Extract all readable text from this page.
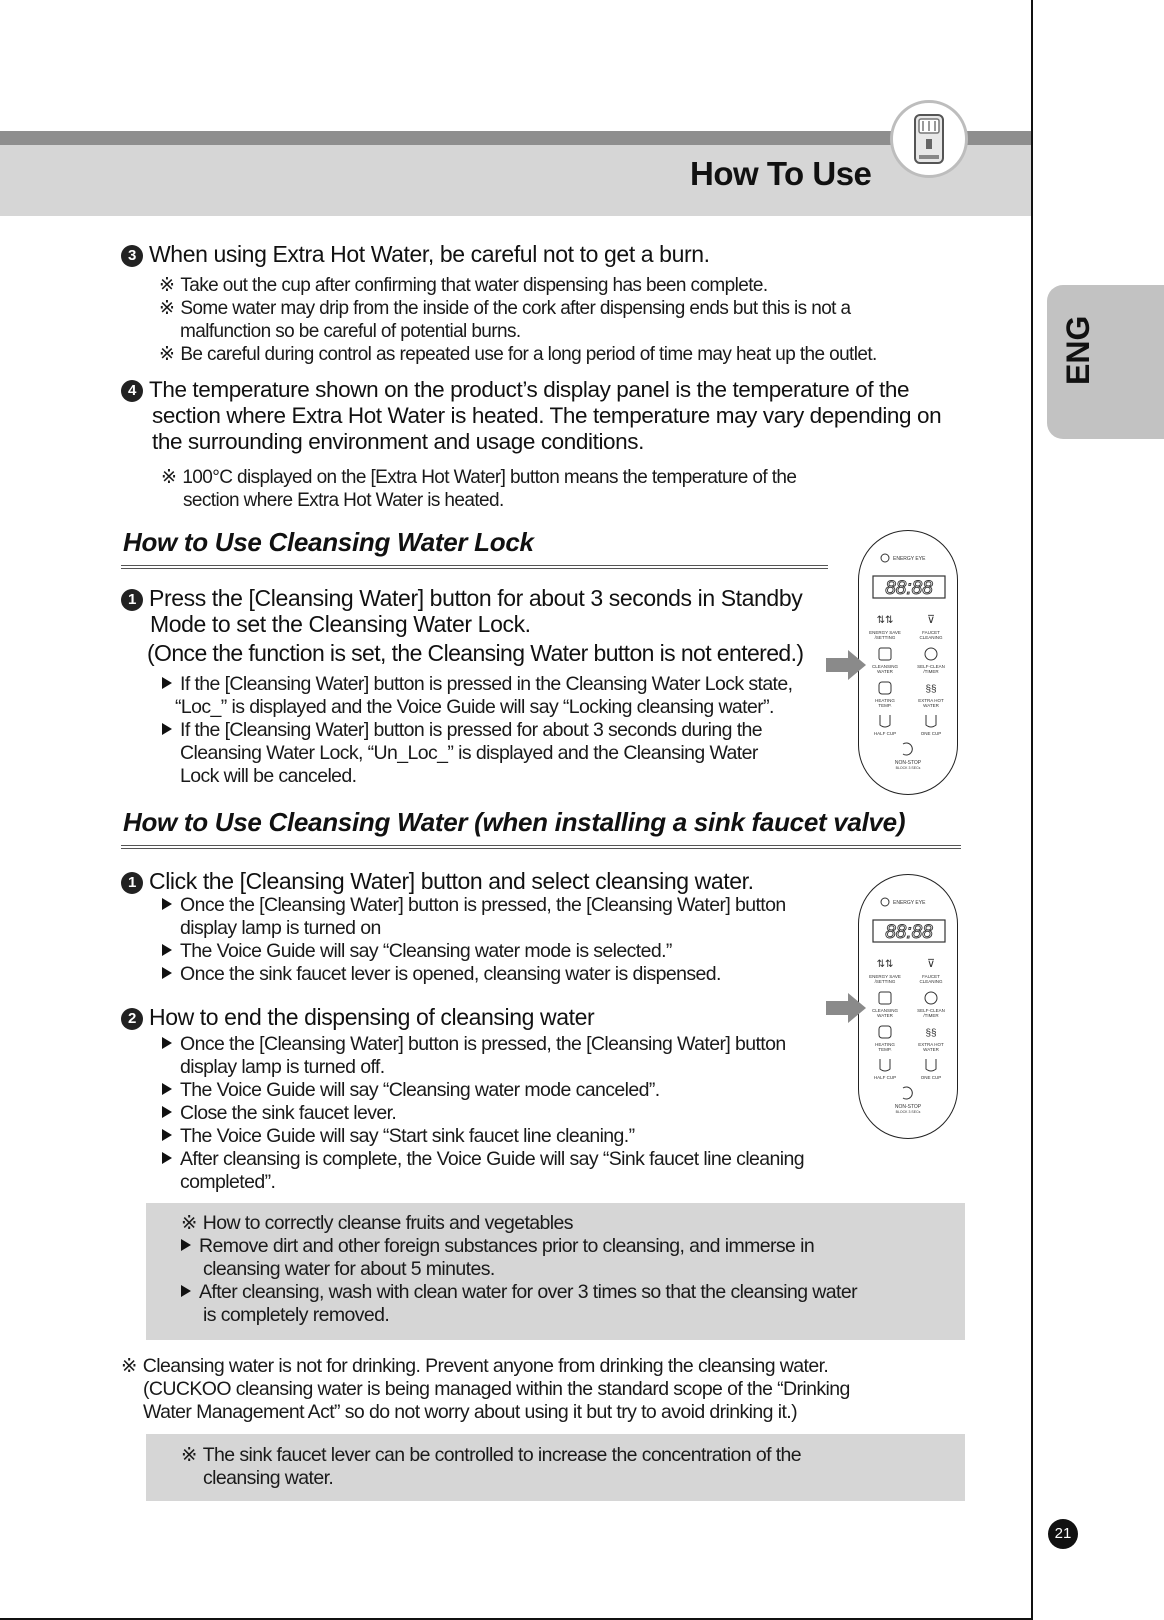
How To Use
ENG
3 When using Extra Hot Water, be careful not to get a burn.
※ Take out the cup after confirming that water dispensing has been complete.
※ Some water may drip from the inside of the cork after dispensing ends but this is not a
malfunction so be careful of potential burns.
※ Be careful during control as repeated use for a long period of time may heat up the outlet.
4 The temperature shown on the product’s display panel is the temperature of the
section where Extra Hot Water is heated. The temperature may vary depending on
the surrounding environment and usage conditions.
※ 100°C displayed on the [Extra Hot Water] button means the temperature of the
section where Extra Hot Water is heated.
How to Use Cleansing Water Lock
1 Press the [Cleansing Water] button for about 3 seconds in Standby
Mode to set the Cleansing Water Lock.
(Once the function is set, the Cleansing Water button is not entered.)
If the [Cleansing Water] button is pressed in the Cleansing Water Lock state,
“Loc_” is displayed and the Voice Guide will say “Locking cleansing water”.
If the [Cleansing Water] button is pressed for about 3 seconds during the
Cleansing Water Lock, “Un_Loc_” is displayed and the Cleansing Water
Lock will be canceled.
ENERGY EYE
88:88
⇅⇅	⊽
ENERGY SAVE
/SETTING
FAUCET
CLEANING
CLEANSING
WATER
SELF-CLEAN
/TIMER
§§
HEATING
TEMP.
EXTRA HOT
WATER
HALF CUP	ONE CUP
NON-STOP
BLOCK 3 SECs
How to Use Cleansing Water (when installing a sink faucet valve)
1 Click the [Cleansing Water] button and select cleansing water.
Once the [Cleansing Water] button is pressed, the [Cleansing Water] button
display lamp is turned on
The Voice Guide will say “Cleansing water mode is selected.”
Once the sink faucet lever is opened, cleansing water is dispensed.
2 How to end the dispensing of cleansing water
Once the [Cleansing Water] button is pressed, the [Cleansing Water] button
display lamp is turned off.
The Voice Guide will say “Cleansing water mode canceled”.
Close the sink faucet lever.
The Voice Guide will say “Start sink faucet line cleaning.”
After cleansing is complete, the Voice Guide will say “Sink faucet line cleaning
completed”.
ENERGY EYE
88:88
⇅⇅	⊽
ENERGY SAVE
/SETTING
FAUCET
CLEANING
CLEANSING
WATER
SELF-CLEAN
/TIMER
§§
HEATING
TEMP.
EXTRA HOT
WATER
HALF CUP	ONE CUP
NON-STOP
BLOCK 3 SECs
※ How to correctly cleanse fruits and vegetables
Remove dirt and other foreign substances prior to cleansing, and immerse in
cleansing water for about 5 minutes.
After cleansing, wash with clean water for over 3 times so that the cleansing water
is completely removed.
※ Cleansing water is not for drinking. Prevent anyone from drinking the cleansing water.
(CUCKOO cleansing water is being managed within the standard scope of the “Drinking
Water Management Act” so do not worry about using it but try to avoid drinking it.)
※ The sink faucet lever can be controlled to increase the concentration of the
cleansing water.
21
